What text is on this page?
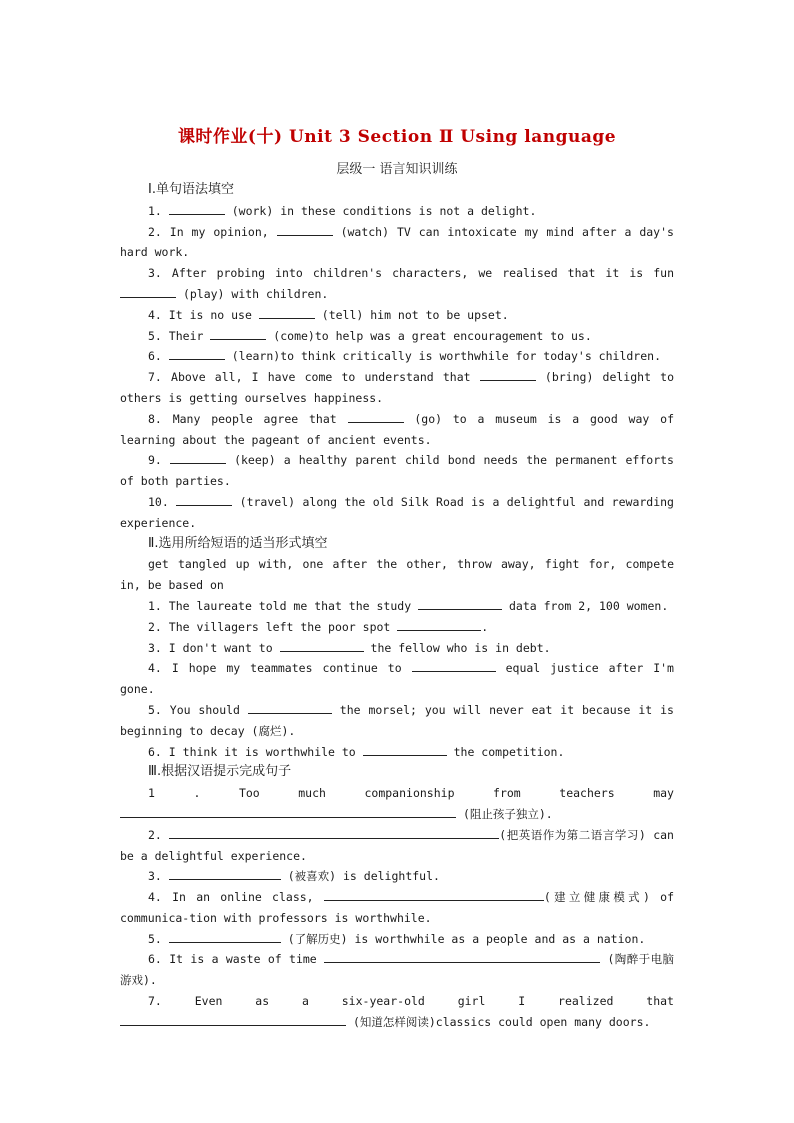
课时作业(十) Unit 3 Section Ⅱ Using language
层级一 语言知识训练

Ⅰ.单句语法填空

1.	(work) in these conditions is not a delight.

2. In my opinion,	(watch) TV can intoxicate my mind after a day's hard work.

3. After probing into children's characters, we realised that it is fun  (play) with children.

4. It is no use	(tell) him not to be upset.

5. Their	(come)to help was a great encouragement to us.

6.	(learn)to think critically is worthwhile for today's children.

7. Above all, I have come to understand that	(bring) delight to others is getting ourselves happiness.

8. Many people agree that	(go) to a museum is a good way of learning about the pageant of ancient events.

9.	(keep) a healthy parent child bond needs the permanent efforts of both parties.

10.	(travel) along the old Silk Road is a delightful and rewarding experience.

Ⅱ.选用所给短语的适当形式填空

get tangled up with, one after the other, throw away, fight for, compete in, be based on

1. The laureate told me that the study	data from 2, 100 women.

2. The villagers left the poor spot	.

3. I don't want to	the fellow who is in debt.

4. I hope my teammates continue to	equal justice after I'm gone.

5. You should	the morsel; you will never eat it because it is beginning to decay (腐烂).

6. I think it is worthwhile to	the competition.

Ⅲ.根据汉语提示完成句子

1	.	Too	much	companionship	from	teachers	may

(阻止孩子独立).

2.	(把英语作为第二语言学习) can be a delightful experience.

3.	(被喜欢) is delightful.

4. In an online class,	(建立健康模式) of communica-tion with professors is worthwhile.

5.	(了解历史) is worthwhile as a people and as a nation.

6. It is a waste of time	(陶醉于电脑游戏).

7.	Even as a six-year-old girl I realized that  (知道怎样阅读)classics could open many doors.
